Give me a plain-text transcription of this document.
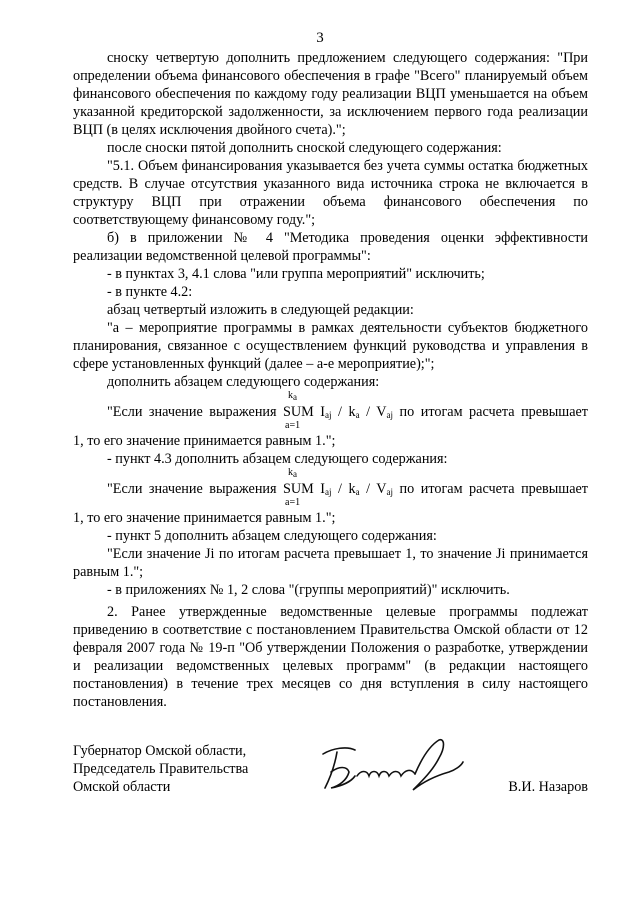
3
сноску четвертую дополнить предложением следующего содержания: "При определении объема финансового обеспечения в графе "Всего" планируемый объем финансового обеспечения по каждому году реализации ВЦП уменьшается на объем указанной кредиторской задолженности, за исключением первого года реализации ВЦП (в целях исключения двойного счета).";
после сноски пятой дополнить сноской следующего содержания:
"5.1. Объем финансирования указывается без учета суммы остатка бюджетных средств. В случае отсутствия указанного вида источника строка не включается в структуру ВЦП при отражении объема финансового обеспечения по соответствующему финансовому году.";
б) в приложении № 4 "Методика проведения оценки эффективности реализации ведомственной целевой программы":
- в пунктах 3, 4.1 слова "или группа мероприятий" исключить;
- в пункте 4.2:
абзац четвертый изложить в следующей редакции:
"а – мероприятие программы в рамках деятельности субъектов бюджетного планирования, связанное с осуществлением функций руководства и управления в сфере установленных функций (далее – а-е мероприятие);";
дополнить абзацем следующего содержания:
$k_a$
"Если значение выражения SUM $I_{aj} / k_a / V_{aj}$ по итогам расчета превышает
a=1
1, то его значение принимается равным 1.";
- пункт 4.3 дополнить абзацем следующего содержания:
$k_a$
"Если значение выражения SUM $I_{aj} / k_a / V_{aj}$ по итогам расчета превышает
a=1
1, то его значение принимается равным 1.";
- пункт 5 дополнить абзацем следующего содержания:
"Если значение Ji по итогам расчета превышает 1, то значение Ji принимается равным 1.";
- в приложениях № 1, 2 слова "(группы мероприятий)" исключить.
2. Ранее утвержденные ведомственные целевые программы подлежат приведению в соответствие с постановлением Правительства Омской области от 12 февраля 2007 года № 19-п "Об утверждении Положения о разработке, утверждении и реализации ведомственных целевых программ" (в редакции настоящего постановления) в течение трех месяцев со дня вступления в силу настоящего постановления.
Губернатор Омской области,
Председатель Правительства
Омской области	В.И. Назаров
